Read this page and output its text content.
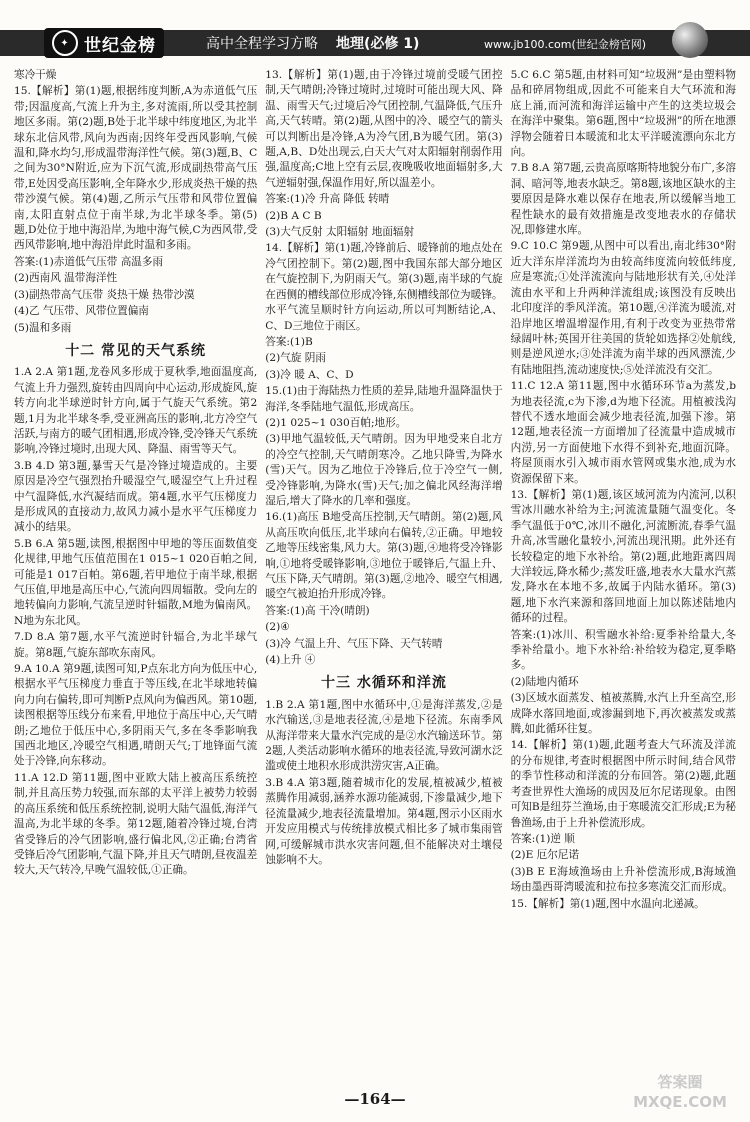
✦ 世纪金榜	高中全程学习方略 地理(必修 1)	www.jb100.com(世纪金榜官网)

寒冷干燥

15.【解析】第(1)题,根据纬度判断,A为赤道低气压带;因温度高,气流上升为主,多对流雨,所以受其控制地区多雨。第(2)题,B处于北半球中纬度地区,为北半球东北信风带,风向为西南;因终年受西风影响,气候温和,降水均匀,形成温带海洋性气候。第(3)题,B、C之间为30°N附近,应为下沉气流,形成副热带高气压带,E处因受高压影响,全年降水少,形成炎热干燥的热带沙漠气候。第(4)题,乙所示气压带和风带位置偏南,太阳直射点位于南半球,为北半球冬季。第(5)题,D处位于地中海沿岸,为地中海气候,C为西风带,受西风带影响,地中海沿岸此时温和多雨。

答案:(1)赤道低气压带 高温多雨

(2)西南风 温带海洋性

(3)副热带高气压带 炎热干燥 热带沙漠

(4)乙 气压带、风带位置偏南

(5)温和多雨

十二 常见的天气系统

1.A 2.A 第1题,龙卷风多形成于夏秋季,地面温度高,气流上升力强烈,旋转由四周向中心运动,形成旋风,旋转方向北半球逆时针方向,属于气旋天气系统。第2题,1月为北半球冬季,受亚洲高压的影响,北方冷空气活跃,与南方的暖气团相遇,形成冷锋,受冷锋天气系统影响,冷锋过境时,出现大风、降温、雨雪等天气。

3.B 4.D 第3题,暴雪天气是冷锋过境造成的。主要原因是冷空气强烈抬升暖湿空气,暖湿空气上升过程中气温降低,水汽凝结而成。第4题,水平气压梯度力是形成风的直接动力,故风力减小是水平气压梯度力减小的结果。

5.B 6.A 第5题,读图,根据图中甲地的等压面数值变化规律,甲地气压值范围在1 015~1 020百帕之间,可能是1 017百帕。第6题,若甲地位于南半球,根据气压值,甲地是高压中心,气流向四周辐散。受向左的地转偏向力影响,气流呈逆时针辐散,M地为偏南风。N地为东北风。

7.D 8.A 第7题,水平气流逆时针辐合,为北半球气旋。第8题,气旋东部吹东南风。

9.A 10.A 第9题,读图可知,P点东北方向为低压中心,根据水平气压梯度力垂直于等压线,在北半球地转偏向力向右偏转,即可判断P点风向为偏西风。第10题,读图根据等压线分布来看,甲地位于高压中心,天气晴朗;乙地位于低压中心,多阴雨天气,多在冬季影响我国西北地区,冷暖空气相遇,晴朗天气;丁地锋面气流处于冷锋,向东移动。

11.A 12.D 第11题,图中亚欧大陆上被高压系统控制,并且高压势力较强,而东部的太平洋上被势力较弱的高压系统和低压系统控制,说明大陆气温低,海洋气温高,为北半球的冬季。第12题,随着冷锋过境,台湾省受锋后的冷气团影响,盛行偏北风,②正确;台湾省受锋后冷气团影响,气温下降,并且天气晴朗,昼夜温差较大,天气转冷,早晚气温较低,①正确。

13.【解析】第(1)题,由于冷锋过境前受暖气团控制,天气晴朗;冷锋过境时,过境时可能出现大风、降温、雨雪天气;过境后冷气团控制,气温降低,气压升高,天气转晴。第(2)题,从图中的冷、暖空气的箭头可以判断出是冷锋,A为冷气团,B为暖气团。第(3)题,A,B、D处出现云,白天大气对太阳辐射削弱作用强,温度高;C地上空有云层,夜晚吸收地面辐射多,大气逆辐射强,保温作用好,所以温差小。

答案:(1)冷 升高 降低 转晴

(2)B A C B

(3)大气反射 太阳辐射 地面辐射

14.【解析】第(1)题,冷锋前后、暖锋前的地点处在冷气团控制下。第(2)题,图中我国东部大部分地区在气旋控制下,为阴雨天气。第(3)题,南半球的气旋在西侧的槽线部位形成冷锋,东侧槽线部位为暖锋。水平气流呈顺时针方向运动,所以可判断结论,A、C、D三地位于雨区。

答案:(1)B

(2)气旋 阴雨

(3)冷 暖 A、C、D

15.(1)由于海陆热力性质的差异,陆地升温降温快于海洋,冬季陆地气温低,形成高压。

(2)1 025~1 030百帕;地形。

(3)甲地气温较低,天气晴朗。因为甲地受来自北方的冷空气控制,天气晴朗寒冷。乙地只降雪,为降水(雪)天气。因为乙地位于冷锋后,位于冷空气一侧,受冷锋影响,为降水(雪)天气;加之偏北风经海洋增湿后,增大了降水的几率和强度。

16.(1)高压 B地受高压控制,天气晴朗。第(2)题,风从高压吹向低压,北半球向右偏转,②正确。甲地较乙地等压线密集,风力大。第(3)题,④地将受冷锋影响,①地将受暖锋影响,③地位于暖锋后,气温上升、气压下降,天气晴朗。第(3)题,②地冷、暖空气相遇,暖空气被迫抬升形成冷锋。

答案:(1)高 干冷(晴朗)

(2)④

(3)冷 气温上升、气压下降、天气转晴

(4)上升 ④

十三 水循环和洋流

1.B 2.A 第1题,图中水循环中,①是海洋蒸发,②是水汽输送,③是地表径流,④是地下径流。东南季风从海洋带来大量水汽完成的是②水汽输送环节。第2题,人类活动影响水循环的地表径流,导致河湖水泛滥或使土地积水形成洪涝灾害,A正确。

3.B 4.A 第3题,随着城市化的发展,植被减少,植被蒸腾作用减弱,涵养水源功能减弱,下渗量减少,地下径流量减少,地表径流量增加。第4题,图示小区雨水开发应用模式与传统排放模式相比多了城市集雨管网,可缓解城市洪水灾害问题,但不能解决对土壤侵蚀影响不大。

5.C 6.C 第5题,由材料可知“垃圾洲”是由塑料物品和碎屑物组成,因此不可能来自大气环流和海底上涌,而河流和海洋运输中产生的这类垃圾会在海洋中聚集。第6题,图中“垃圾洲”的所在地漂浮物会随着日本暖流和北太平洋暖流漂向东北方向。

7.B 8.A 第7题,云贵高原喀斯特地貌分布广,多溶洞、暗河等,地表水缺乏。第8题,该地区缺水的主要原因是降水难以保存在地表,所以缓解当地工程性缺水的最有效措施是改变地表水的存储状况,即修建水库。

9.C 10.C 第9题,从图中可以看出,南北纬30°附近大洋东岸洋流均为由较高纬度流向较低纬度,应是寒流;①处洋流流向与陆地形状有关,④处洋流由水平和上升两种洋流组成;该图没有反映出北印度洋的季风洋流。第10题,④洋流为暖流,对沿岸地区增温增湿作用,有利于改变为亚热带常绿阔叶林;英国开往美国的货轮如选择②处航线,则是逆风逆水;③处洋流为南半球的西风漂流,少有陆地阻挡,流动速度快;⑤处洋流没有交汇。

11.C 12.A 第11题,图中水循环环节a为蒸发,b为地表径流,c为下渗,d为地下径流。用植被浅沟替代不透水地面会减少地表径流,加强下渗。第12题,地表径流一方面增加了径流量中造成城市内涝,另一方面使地下水得不到补充,地面沉降。将屋顶雨水引入城市雨水管网或集水池,成为水资源保留下来。

13.【解析】第(1)题,该区域河流为内流河,以积雪冰川融水补给为主;河流流量随气温变化。冬季气温低于0℃,冰川不融化,河流断流,春季气温升高,冰雪融化量较小,河流出现汛期。此外还有长较稳定的地下水补给。第(2)题,此地距离四周大洋较远,降水稀少;蒸发旺盛,地表水大量水汽蒸发,降水在本地不多,故属于内陆水循环。第(3)题,地下水汽来源和落回地面上加以陈述陆地内循环的过程。

答案:(1)冰川、积雪融水补给:夏季补给量大,冬季补给量小。地下水补给:补给较为稳定,夏季略多。

(2)陆地内循环

(3)区域水面蒸发、植被蒸腾,水汽上升至高空,形成降水落回地面,或渗漏到地下,再次被蒸发或蒸腾,如此循环往复。

14.【解析】第(1)题,此题考查大气环流及洋流的分布规律,考查时根据图中所示时间,结合风带的季节性移动和洋流的分布回答。第(2)题,此题考查世界性大渔场的成因及厄尔尼诺现象。由图可知B是纽芬兰渔场,由于寒暖流交汇形成;E为秘鲁渔场,由于上升补偿流形成。

答案:(1)逆 顺

(2)E 厄尔尼诺

(3)B E E海域渔场由上升补偿流形成,B海域渔场由墨西哥湾暖流和拉布拉多寒流交汇而形成。

15.【解析】第(1)题,图中水温向北递减。

—164—
答案圈
MXQE.COM
